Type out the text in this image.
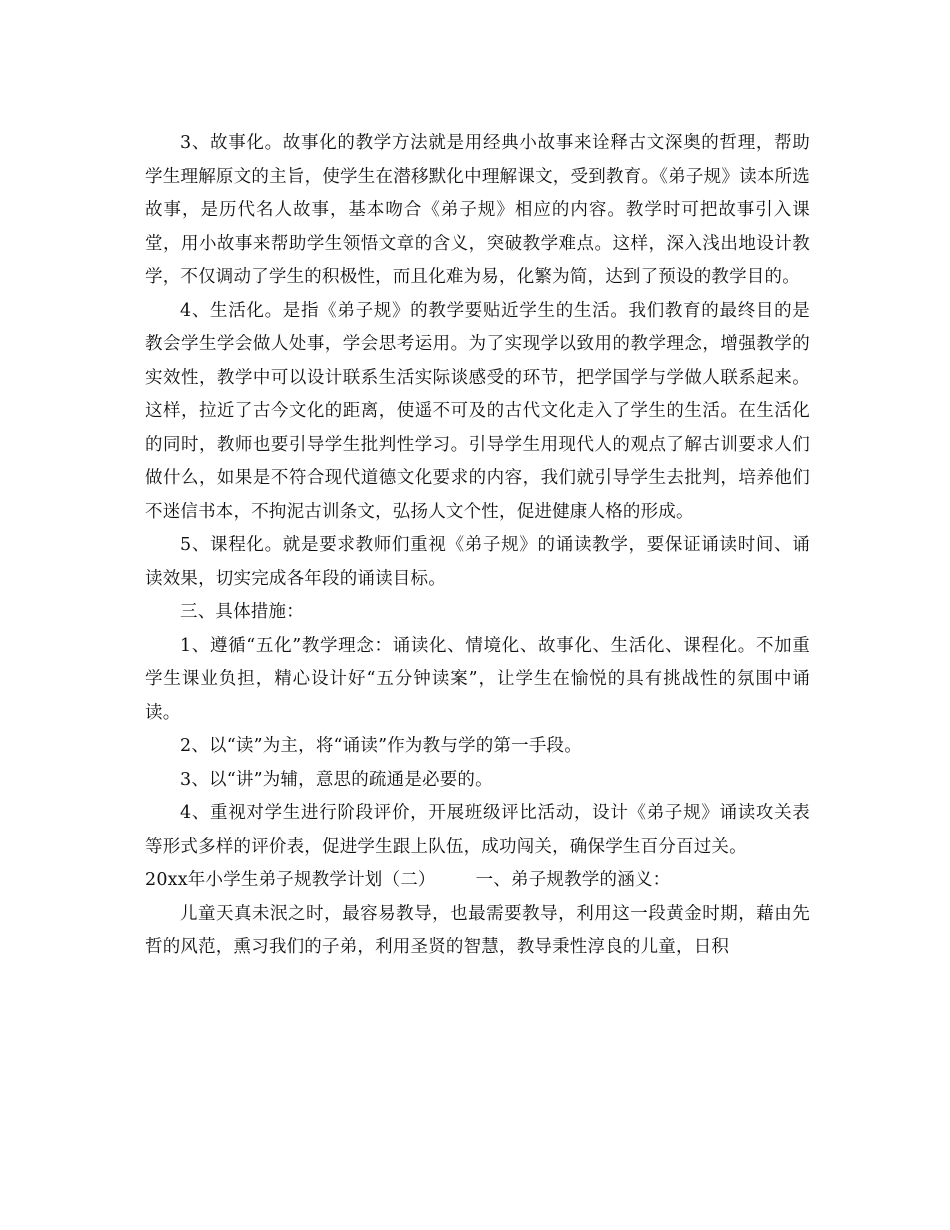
3、故事化。故事化的教学方法就是用经典小故事来诠释古文深奥的哲理，帮助学生理解原文的主旨，使学生在潜移默化中理解课文，受到教育。《弟子规》读本所选故事，是历代名人故事，基本吻合《弟子规》相应的内容。教学时可把故事引入课堂，用小故事来帮助学生领悟文章的含义，突破教学难点。这样，深入浅出地设计教学，不仅调动了学生的积极性，而且化难为易，化繁为简，达到了预设的教学目的。

4、生活化。是指《弟子规》的教学要贴近学生的生活。我们教育的最终目的是教会学生学会做人处事，学会思考运用。为了实现学以致用的教学理念，增强教学的实效性，教学中可以设计联系生活实际谈感受的环节，把学国学与学做人联系起来。这样，拉近了古今文化的距离，使遥不可及的古代文化走入了学生的生活。在生活化的同时，教师也要引导学生批判性学习。引导学生用现代人的观点了解古训要求人们做什么，如果是不符合现代道德文化要求的内容，我们就引导学生去批判，培养他们不迷信书本，不拘泥古训条文，弘扬人文个性，促进健康人格的形成。

5、课程化。就是要求教师们重视《弟子规》的诵读教学，要保证诵读时间、诵读效果，切实完成各年段的诵读目标。

三、具体措施：

1、遵循“五化”教学理念：诵读化、情境化、故事化、生活化、课程化。不加重学生课业负担，精心设计好“五分钟读案”，让学生在愉悦的具有挑战性的氛围中诵读。

2、以“读”为主，将“诵读”作为教与学的第一手段。

3、以“讲”为辅，意思的疏通是必要的。

4、重视对学生进行阶段评价，开展班级评比活动，设计《弟子规》诵读攻关表等形式多样的评价表，促进学生跟上队伍，成功闯关，确保学生百分百过关。

20xx年小学生弟子规教学计划（二） 一、弟子规教学的涵义：

儿童天真未泯之时，最容易教导，也最需要教导，利用这一段黄金时期，藉由先哲的风范，熏习我们的子弟，利用圣贤的智慧，教导秉性淳良的儿童，日积
